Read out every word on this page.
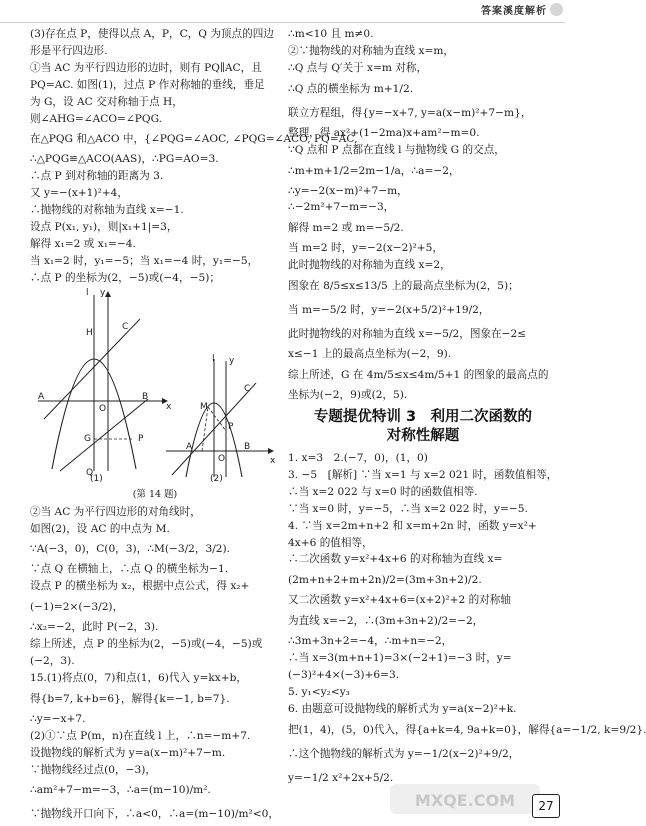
答案溪度解析
(3)存在点 P，使得以点 A，P，C，Q 为顶点的四边
形是平行四边形.
①当 AC 为平行四边形的边时，则有 PQ∥AC，且
PQ=AC. 如图(1)，过点 P 作对称轴的垂线，垂足
为 G，设 AC 交对称轴于点 H，
则∠AHG=∠ACO=∠PQG.
在△PQG 和△ACO 中，{∠PQG=∠AOC, ∠PQG=∠ACO, PQ=AC,
∴△PQG≌△ACO(AAS)，∴PG=AO=3.
∴点 P 到对称轴的距离为 3.
又 y=−(x+1)²+4，
∴抛物线的对称轴为直线 x=−1.
设点 P(x₁, y₁)，则|x₁+1|=3，
解得 x₁=2 或 x₁=−4.
当 x₁=2 时，y₁=−5；当 x₁=−4 时，y₁=−5，
∴点 P 的坐标为(2，−5)或(−4，−5)；
y
x
A
O
B
H
C
G	P
Q
l
l y
C
M
A
O
B
P
x
(1)	(2)
(第 14 题)
②当 AC 为平行四边形的对角线时，
如图(2)，设 AC 的中点为 M.
∵A(−3，0)，C(0，3)，∴M(−3/2，3/2).
∵点 Q 在横轴上，∴点 Q 的横坐标为−1.
设点 P 的横坐标为 x₂，根据中点公式，得 x₂+
(−1)=2×(−3/2)，
∴x₂=−2，此时 P(−2，3).
综上所述，点 P 的坐标为(2，−5)或(−4，−5)或
(−2，3).
15.(1)将点(0，7)和点(1，6)代入 y=kx+b，
得{b=7, k+b=6}，解得{k=−1, b=7}.
∴y=−x+7.
(2)①∵点 P(m，n)在直线 l 上，∴n=−m+7.
设抛物线的解析式为 y=a(x−m)²+7−m.
∵抛物线经过点(0，−3)，
∴am²+7−m=−3，∴a=(m−10)/m².
∵抛物线开口向下，∴a<0，∴a=(m−10)/m²<0，
∴m<10 且 m≠0.
②∵抛物线的对称轴为直线 x=m，
∴Q 点与 Q′关于 x=m 对称，
∴Q 点的横坐标为 m+1/2.
联立方程组，得{y=−x+7, y=a(x−m)²+7−m}，
整理，得 ax²+(1−2ma)x+am²−m=0.
∵Q 点和 P 点都在直线 l 与抛物线 G 的交点，
∴m+m+1/2=2m−1/a，∴a=−2，
∴y=−2(x−m)²+7−m，
∴−2m²+7−m=−3，
解得 m=2 或 m=−5/2.
当 m=2 时，y=−2(x−2)²+5，
此时抛物线的对称轴为直线 x=2，
图象在 8/5≤x≤13/5 上的最高点坐标为(2，5)；
当 m=−5/2 时，y=−2(x+5/2)²+19/2，
此时抛物线的对称轴为直线 x=−5/2，图象在−2≤
x≤−1 上的最高点坐标为(−2，9).
综上所述，G 在 4m/5≤x≤4m/5+1 的图象的最高点的
坐标为(−2，9)或(2，5).
专题提优特训 3　利用二次函数的
对称性解题
1. x=3　2.(−7，0)，(1，0)
3. −5　[解析] ∵当 x=1 与 x=2 021 时，函数值相等，
∴当 x=2 022 与 x=0 时的函数值相等.
∵当 x=0 时，y=−5，∴当 x=2 022 时，y=−5.
4. ∵当 x=2m+n+2 和 x=m+2n 时，函数 y=x²+
4x+6 的值相等，
∴二次函数 y=x²+4x+6 的对称轴为直线 x=
(2m+n+2+m+2n)/2=(3m+3n+2)/2.
又二次函数 y=x²+4x+6=(x+2)²+2 的对称轴
为直线 x=−2，∴(3m+3n+2)/2=−2，
∴3m+3n+2=−4，∴m+n=−2，
∴当 x=3(m+n+1)=3×(−2+1)=−3 时，y=
(−3)²+4×(−3)+6=3.
5. y₁<y₂<y₃
6. 由题意可设抛物线的解析式为 y=a(x−2)²+k.
把(1，4)，(5，0)代入，得{a+k=4, 9a+k=0}，解得{a=−1/2, k=9/2}.
∴这个抛物线的解析式为 y=−1/2(x−2)²+9/2，
y=−1/2 x²+2x+5/2.
MXQE.COM	27
